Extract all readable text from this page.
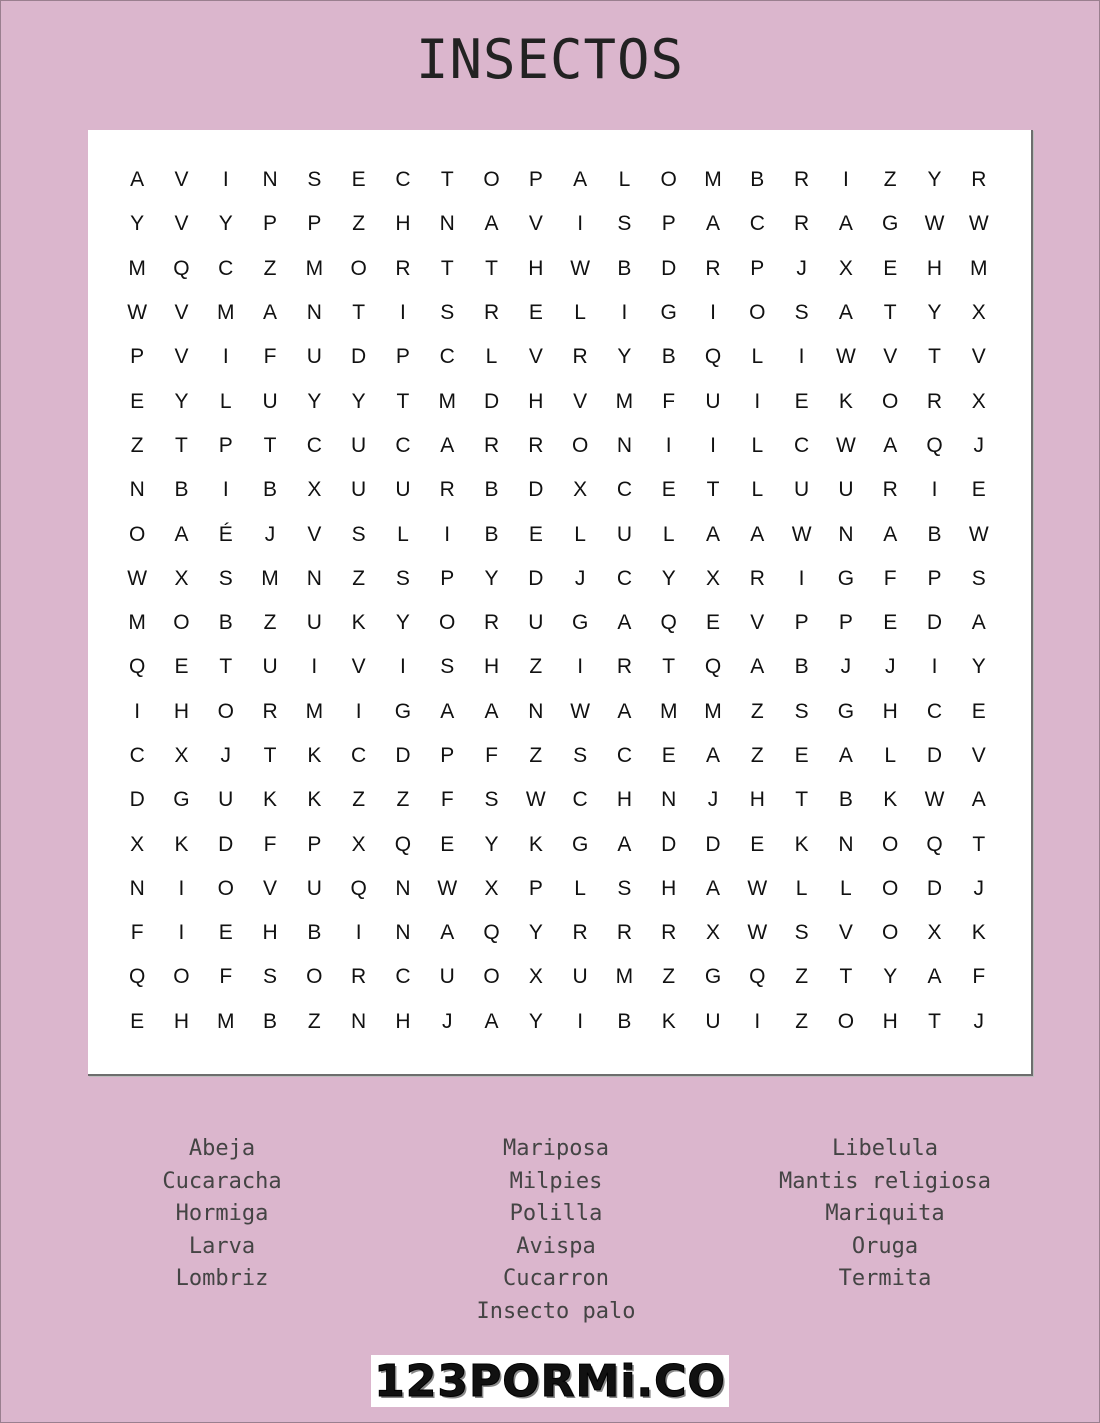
INSECTOS
A	V	I	N	S	E	C	T	O	P	A	L	O	M	B	R	I	Z	Y	R
Y	V	Y	P	P	Z	H	N	A	V	I	S	P	A	C	R	A	G	W	W
M	Q	C	Z	M	O	R	T	T	H	W	B	D	R	P	J	X	E	H	M
W	V	M	A	N	T	I	S	R	E	L	I	G	I	O	S	A	T	Y	X
P	V	I	F	U	D	P	C	L	V	R	Y	B	Q	L	I	W	V	T	V
E	Y	L	U	Y	Y	T	M	D	H	V	M	F	U	I	E	K	O	R	X
Z	T	P	T	C	U	C	A	R	R	O	N	I	I	L	C	W	A	Q	J
N	B	I	B	X	U	U	R	B	D	X	C	E	T	L	U	U	R	I	E
O	A	É	J	V	S	L	I	B	E	L	U	L	A	A	W	N	A	B	W
W	X	S	M	N	Z	S	P	Y	D	J	C	Y	X	R	I	G	F	P	S
M	O	B	Z	U	K	Y	O	R	U	G	A	Q	E	V	P	P	E	D	A
Q	E	T	U	I	V	I	S	H	Z	I	R	T	Q	A	B	J	J	I	Y
I	H	O	R	M	I	G	A	A	N	W	A	M	M	Z	S	G	H	C	E
C	X	J	T	K	C	D	P	F	Z	S	C	E	A	Z	E	A	L	D	V
D	G	U	K	K	Z	Z	F	S	W	C	H	N	J	H	T	B	K	W	A
X	K	D	F	P	X	Q	E	Y	K	G	A	D	D	E	K	N	O	Q	T
N	I	O	V	U	Q	N	W	X	P	L	S	H	A	W	L	L	O	D	J
F	I	E	H	B	I	N	A	Q	Y	R	R	R	X	W	S	V	O	X	K
Q	O	F	S	O	R	C	U	O	X	U	M	Z	G	Q	Z	T	Y	A	F
E	H	M	B	Z	N	H	J	A	Y	I	B	K	U	I	Z	O	H	T	J
Abeja
Cucaracha
Hormiga
Larva
Lombriz
Mariposa
Milpies
Polilla
Avispa
Cucarron
Insecto palo
Libelula
Mantis religiosa
Mariquita
Oruga
Termita
123PORMi.CO
